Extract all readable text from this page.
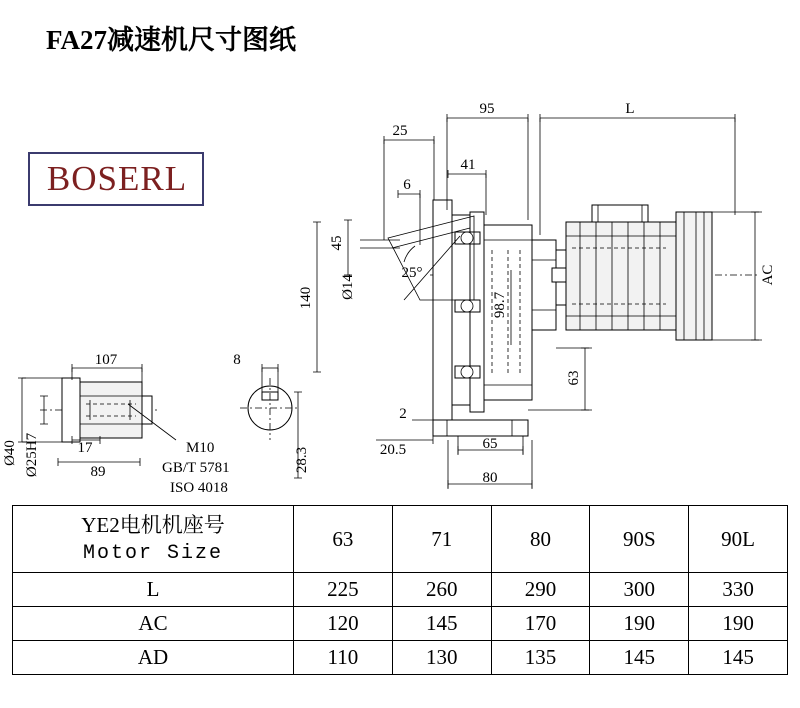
FA27减速机尺寸图纸
BOSERL
95	L
25
41
6
45
140 Ø14
25°
98.7
AC
63
2
20.5	65
80
107
17
89
Ø40 Ø25H7
8
28.3
M10
GB/T 5781
ISO 4018
YE2电机机座号
Motor Size	63	71	80	90S	90L
L	225	260	290	300	330
AC	120	145	170	190	190
AD	110	130	135	145	145
